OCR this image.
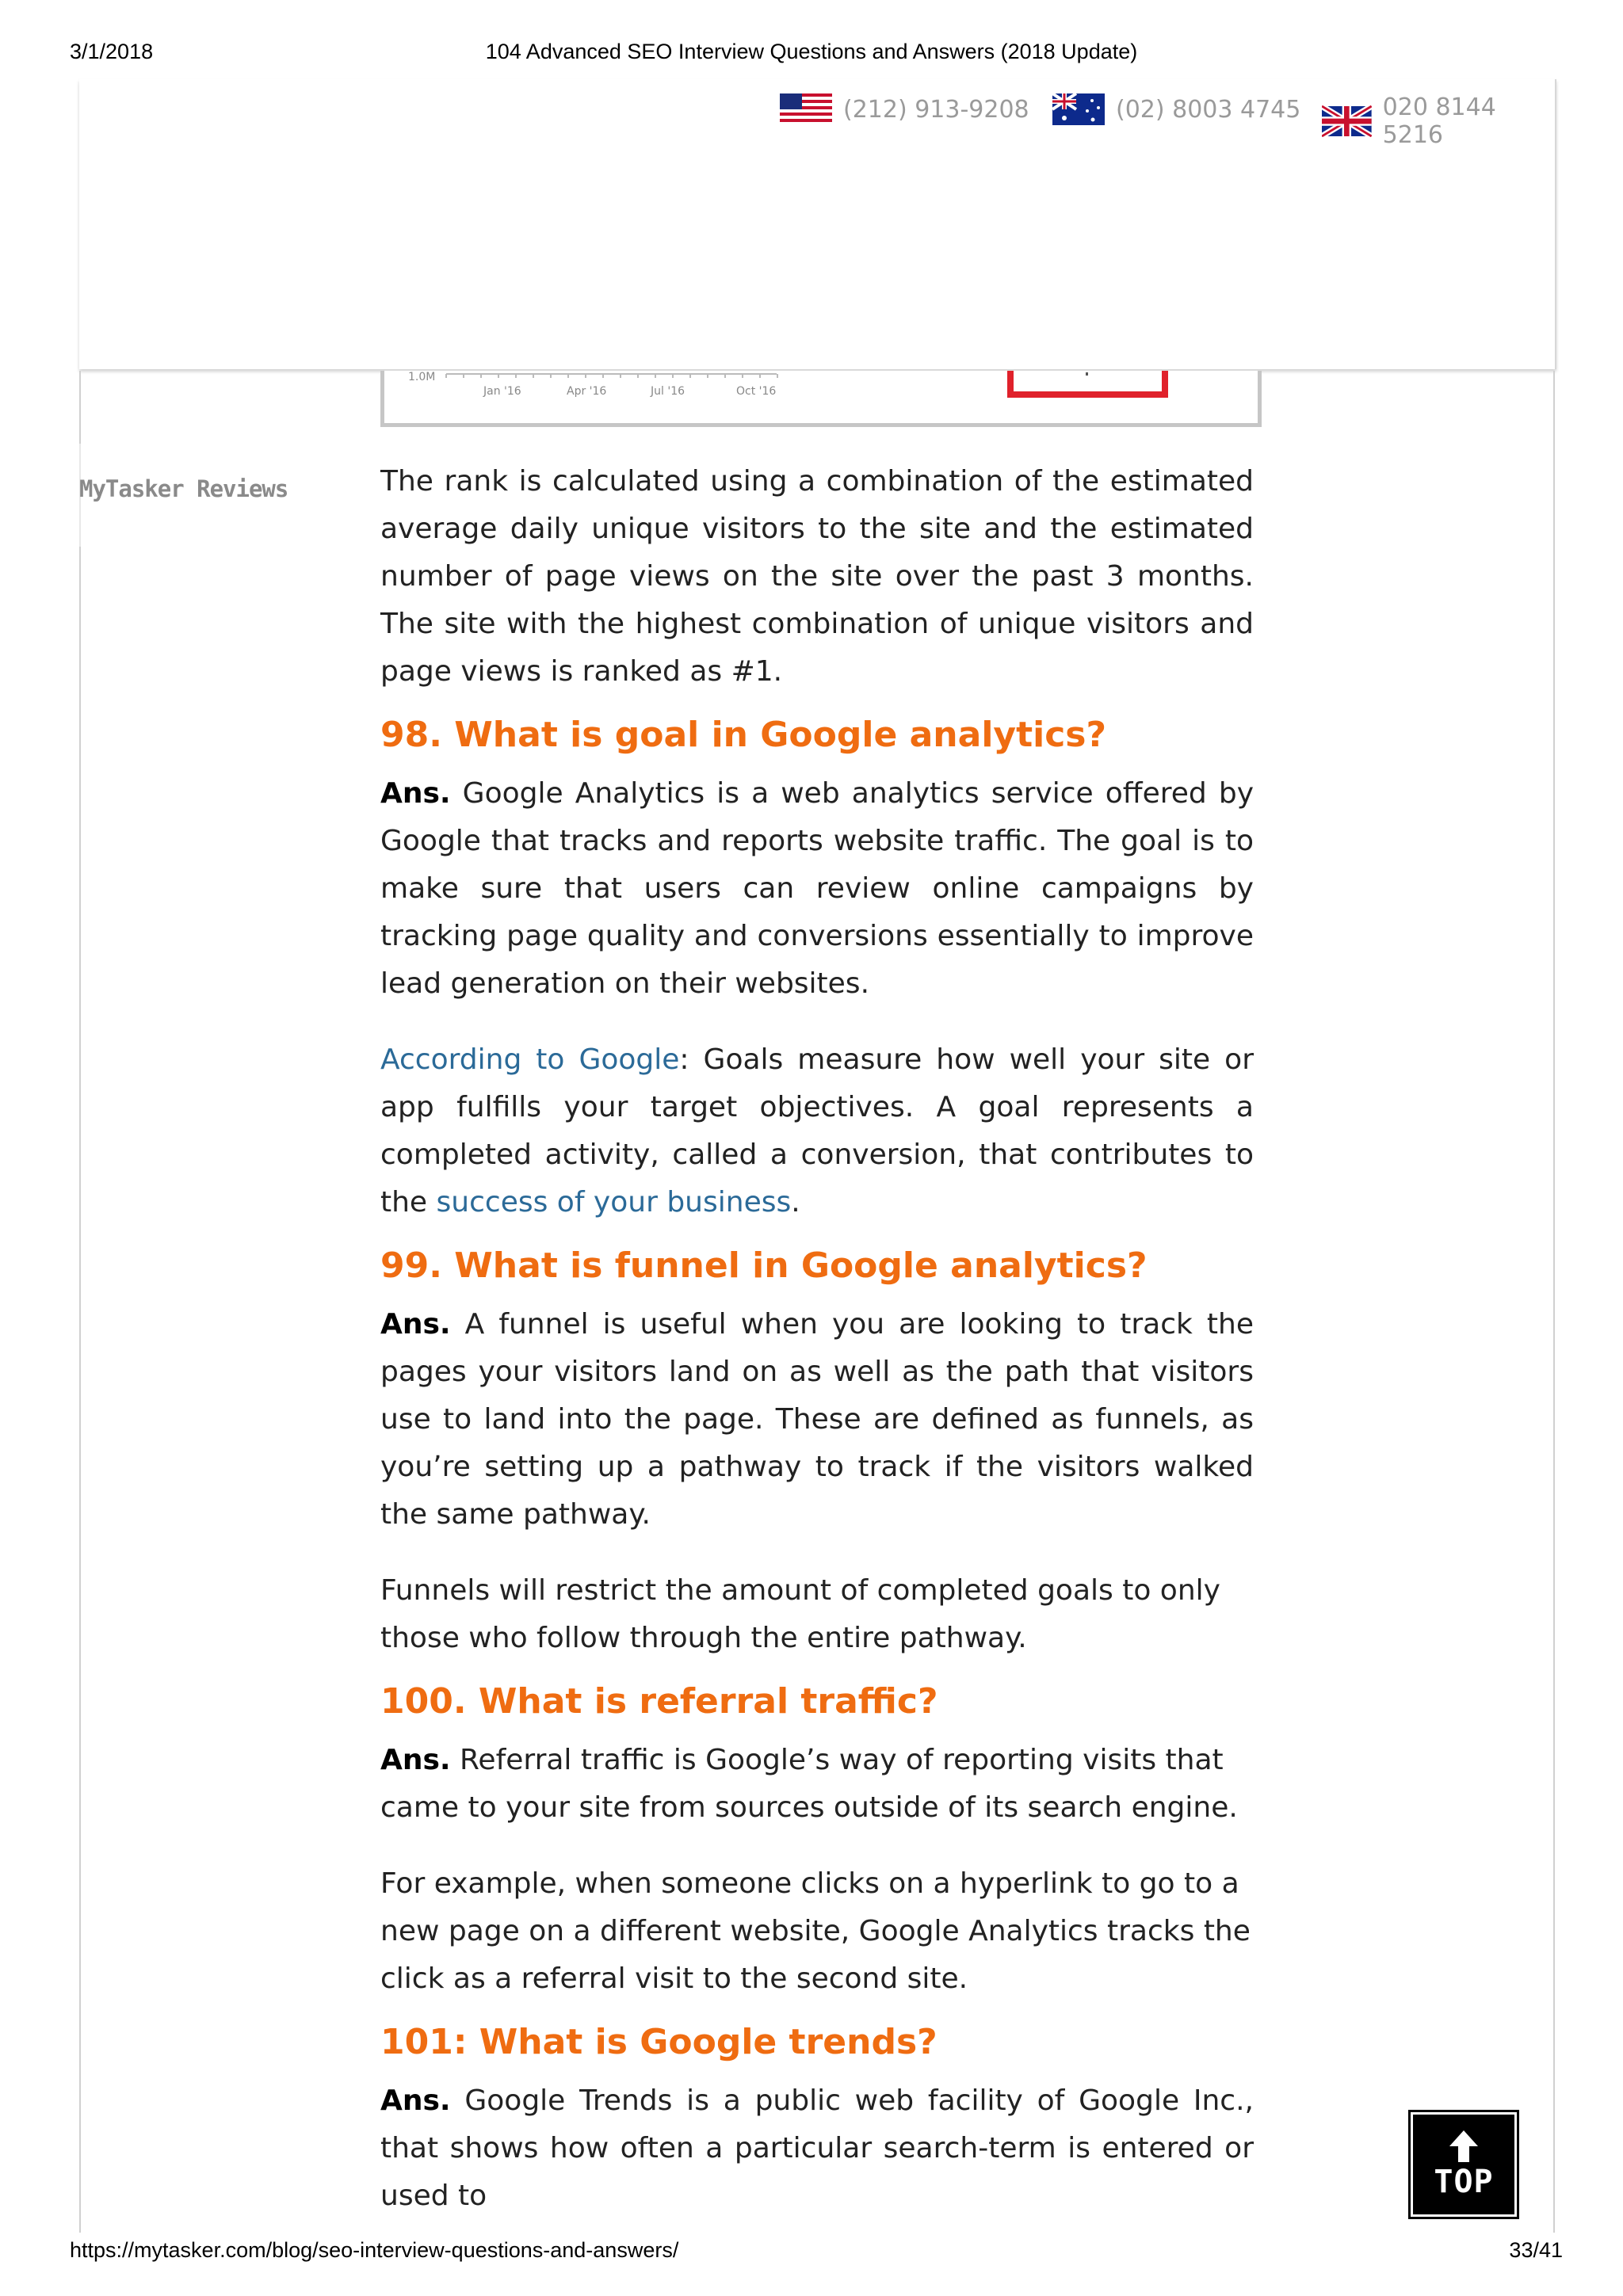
3/1/2018	104 Advanced SEO Interview Questions and Answers (2018 Update)
(212) 913-9208	(02) 8003 4745	020 8144 5216
MyTasker Reviews
1.0M
Jan '16	Apr '16	Jul '16	Oct '16

The rank is calculated using a combination of the estimated average daily unique visitors to the site and the estimated number of page views on the site over the past 3 months. The site with the highest combination of unique visitors and page views is ranked as #1.

98. What is goal in Google analytics?

Ans. Google Analytics is a web analytics service offered by Google that tracks and reports website traffic. The goal is to make sure that users can review online campaigns by tracking page quality and conversions essentially to improve lead generation on their websites.

According to Google: Goals measure how well your site or app fulfills your target objectives. A goal represents a completed activity, called a conversion, that contributes to the success of your business.

99. What is funnel in Google analytics?

Ans. A funnel is useful when you are looking to track the pages your visitors land on as well as the path that visitors use to land into the page. These are defined as funnels, as you’re setting up a pathway to track if the visitors walked the same pathway.

Funnels will restrict the amount of completed goals to only those who follow through the entire pathway.

100. What is referral traffic?

Ans. Referral traffic is Google’s way of reporting visits that came to your site from sources outside of its search engine.

For example, when someone clicks on a hyperlink to go to a new page on a different website, Google Analytics tracks the click as a referral visit to the second site.

101: What is Google trends?

Ans. Google Trends is a public web facility of Google Inc., that shows how often a particular search-term is entered or used to	TOP
https://mytasker.com/blog/seo-interview-questions-and-answers/	33/41
